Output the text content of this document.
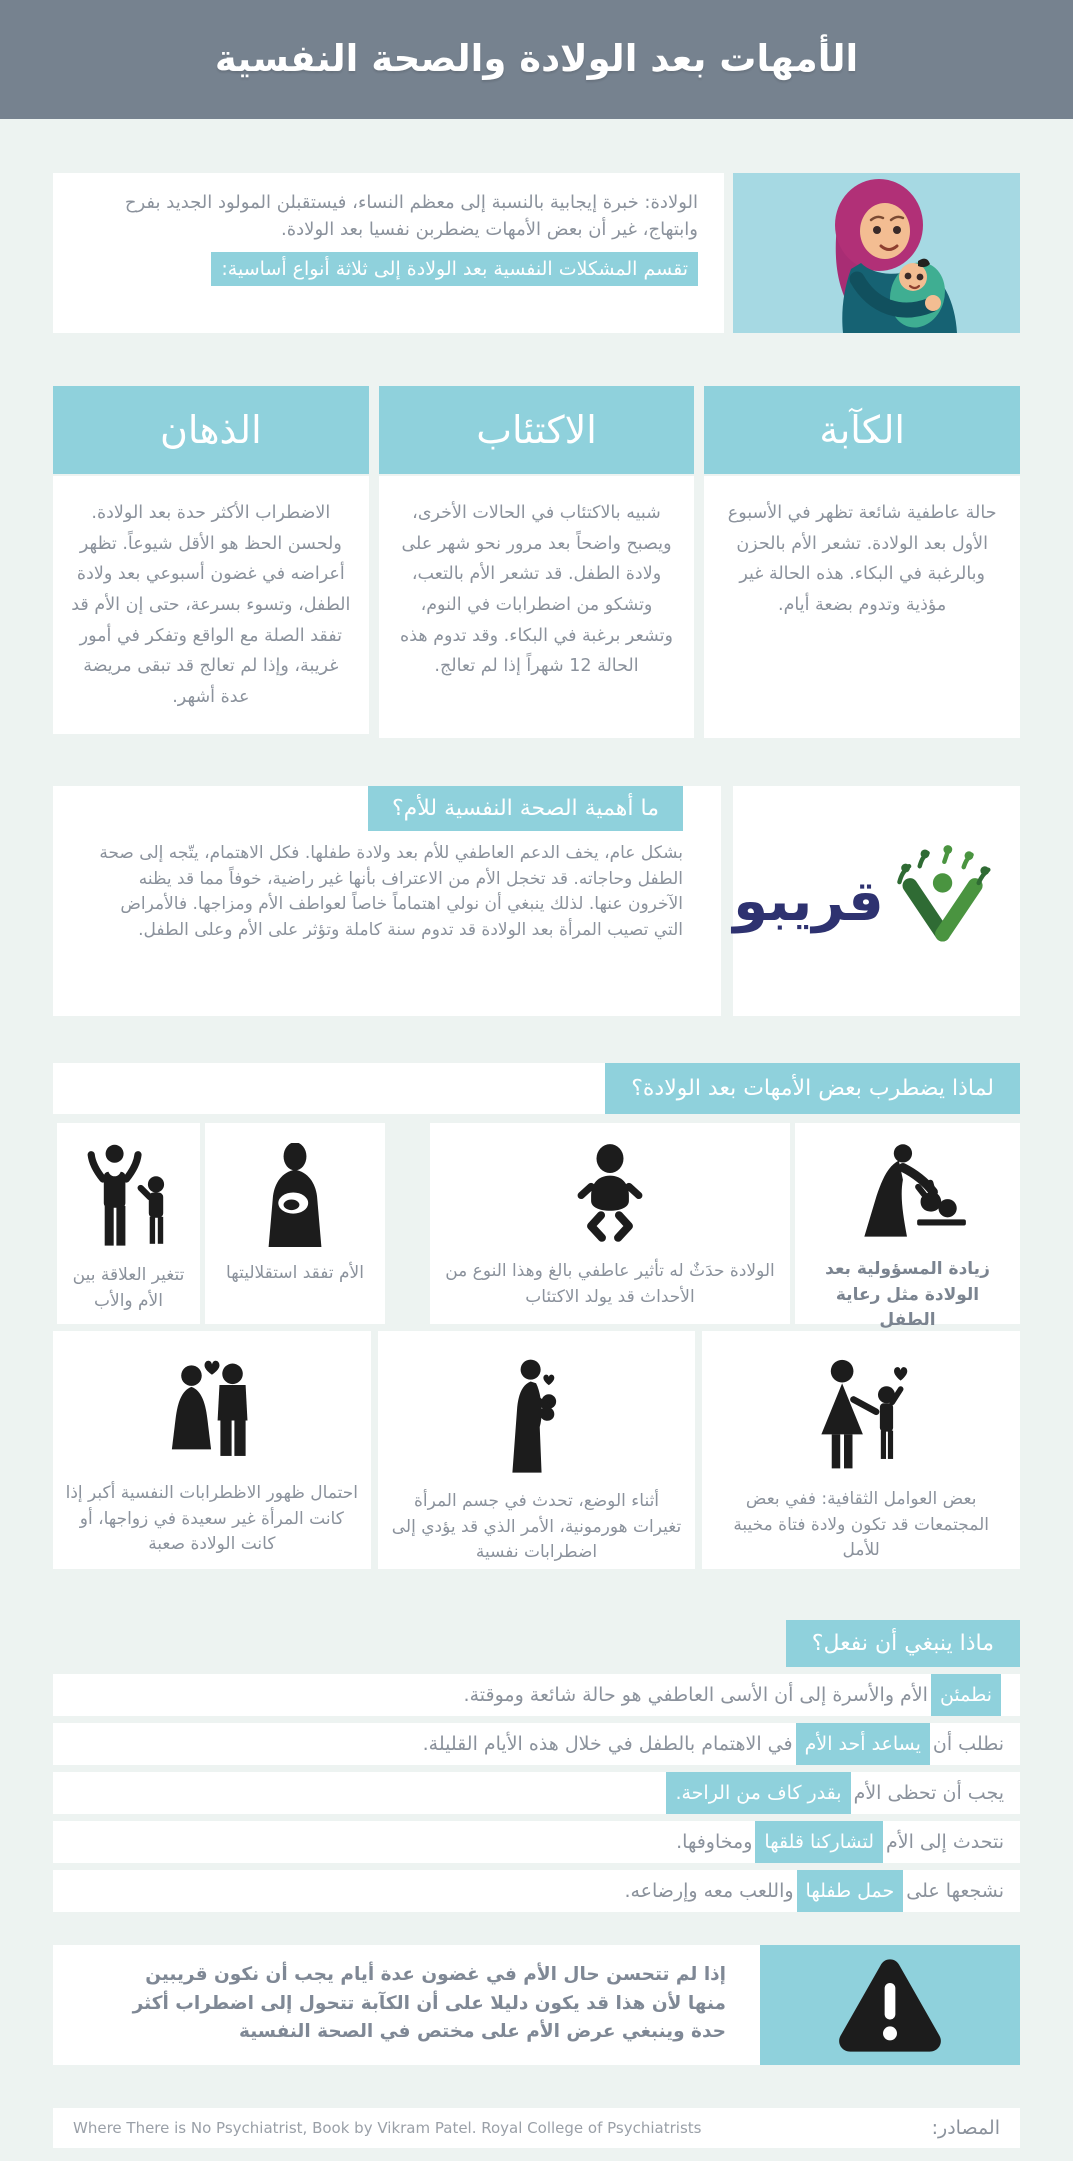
الأمهات بعد الولادة والصحة النفسية
الولادة: خبرة إيجابية بالنسبة إلى معظم النساء، فيستقبلن المولود الجديد بفرح وابتهاج، غير أن بعض الأمهات يضطربن نفسيا بعد الولادة.
تقسم المشكلات النفسية بعد الولادة إلى ثلاثة أنواع أساسية:
الكآبة
حالة عاطفية شائعة تظهر في الأسبوع الأول بعد الولادة. تشعر الأم بالحزن وبالرغبة في البكاء. هذه الحالة غير مؤذية وتدوم بضعة أيام.
الاكتئاب
شبيه بالاكتئاب في الحالات الأخرى، ويصبح واضحاً بعد مرور نحو شهر على ولادة الطفل. قد تشعر الأم بالتعب، وتشكو من اضطرابات في النوم، وتشعر برغبة في البكاء. وقد تدوم هذه الحالة 12 شهراً إذا لم تعالج.
الذهان
الاضطراب الأكثر حدة بعد الولادة. ولحسن الحظ هو الأقل شيوعاً. تظهر أعراضه في غضون أسبوعي بعد ولادة الطفل، وتسوء بسرعة، حتى إن الأم قد تفقد الصلة مع الواقع وتفكر في أمور غريبة، وإذا لم تعالج قد تبقى مريضة عدة أشهر.
قريبو
ما أهمية الصحة النفسية للأم؟
بشكل عام، يخف الدعم العاطفي للأم بعد ولادة طفلها. فكل الاهتمام، يتّجه إلى صحة الطفل وحاجاته. قد تخجل الأم من الاعتراف بأنها غير راضية، خوفاً مما قد يظنه الآخرون عنها. لذلك ينبغي أن نولي اهتماماً خاصاً لعواطف الأم ومزاجها. فالأمراض التي تصيب المرأة بعد الولادة قد تدوم سنة كاملة وتؤثر على الأم وعلى الطفل.
لماذا يضطرب بعض الأمهات بعد الولادة؟
زيادة المسؤولية بعد الولادة مثل رعاية الطفل
الولادة حدَثٌ له تأثير عاطفي بالغ وهذا النوع من الأحداث قد يولد الاكتئاب
الأم تفقد استقلاليتها
تتغير العلاقة بين الأم والأب
بعض العوامل الثقافية: ففي بعض المجتمعات قد تكون ولادة فتاة مخيبة للأمل
أثناء الوضع، تحدث في جسم المرأة تغيرات هورمونية، الأمر الذي قد يؤدي إلى اضطرابات نفسية
احتمال ظهور الاظطرابات النفسية أكبر إذا كانت المرأة غير سعيدة في زواجها، أو كانت الولادة صعبة
ماذا ينبغي أن نفعل؟
نطمئن
الأم والأسرة إلى أن الأسى العاطفي هو حالة شائعة وموقتة.
نطلب أن
يساعد أحد الأم
في الاهتمام بالطفل في خلال هذه الأيام القليلة.
يجب أن تحظى الأم
بقدر كاف من الراحة.
نتحدث إلى الأم
لتشاركنا قلقها
ومخاوفها.
نشجعها على
حمل طفلها
واللعب معه وإرضاعه.
إذا لم تتحسن حال الأم في غضون عدة أيام يجب أن نكون قريبين منها لأن هذا قد يكون دليلا على أن الكآبة تتحول إلى اضطراب أكثر حدة وينبغي عرض الأم على مختص في الصحة النفسية
المصادر:
Where There is No Psychiatrist, Book by Vikram Patel. Royal College of Psychiatrists
